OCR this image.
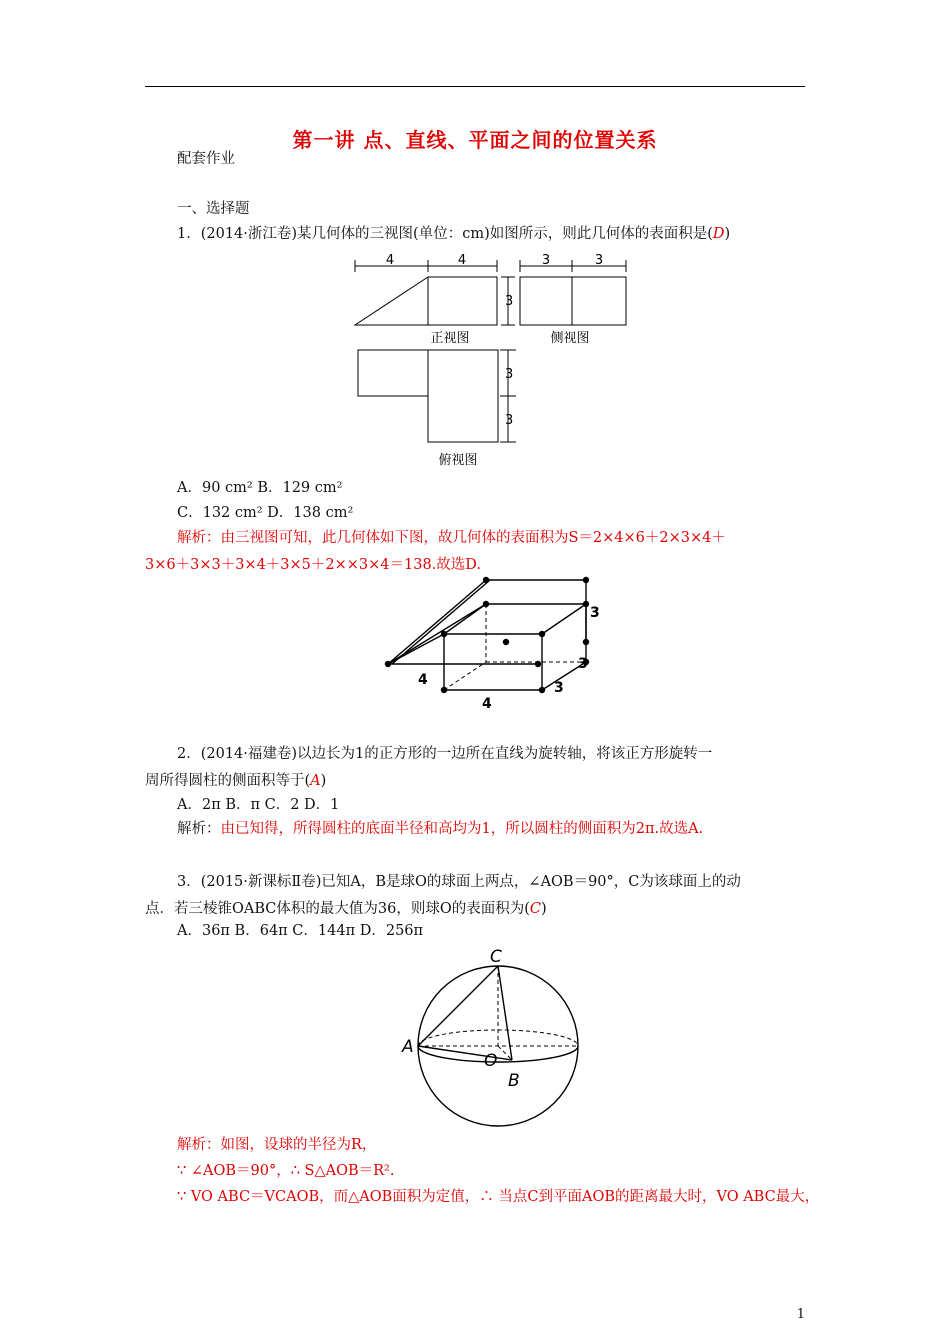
第一讲 点、直线、平面之间的位置关系
配套作业
一、选择题
1．(2014·浙江卷)某几何体的三视图(单位：cm)如图所示，则此几何体的表面积是(D)
4	4	3	3
3
3
3
正视图	侧视图
俯视图
A．90 cm² B．129 cm²
C．132 cm² D．138 cm²
解析：由三视图可知，此几何体如下图，故几何体的表面积为S＝2×4×6＋2×3×4＋
3×6＋3×3＋3×4＋3×5＋2××3×4＝138.故选D.
3
4
3
3
4
2．(2014·福建卷)以边长为1的正方形的一边所在直线为旋转轴，将该正方形旋转一
周所得圆柱的侧面积等于(A)
A．2π B．π C．2 D．1
解析：由已知得，所得圆柱的底面半径和高均为1，所以圆柱的侧面积为2π.故选A.
3．(2015·新课标Ⅱ卷)已知A，B是球O的球面上两点，∠AOB＝90°，C为该球面上的动
点．若三棱锥OABC体积的最大值为36，则球O的表面积为(C)
A．36π B．64π C．144π D．256π
C
A
O
B
解析：如图，设球的半径为R，
∵ ∠AOB＝90°，∴ S△AOB＝R².
∵ VO ABC＝VCAOB，而△AOB面积为定值，∴ 当点C到平面AOB的距离最大时，VO ABC最大，
1
